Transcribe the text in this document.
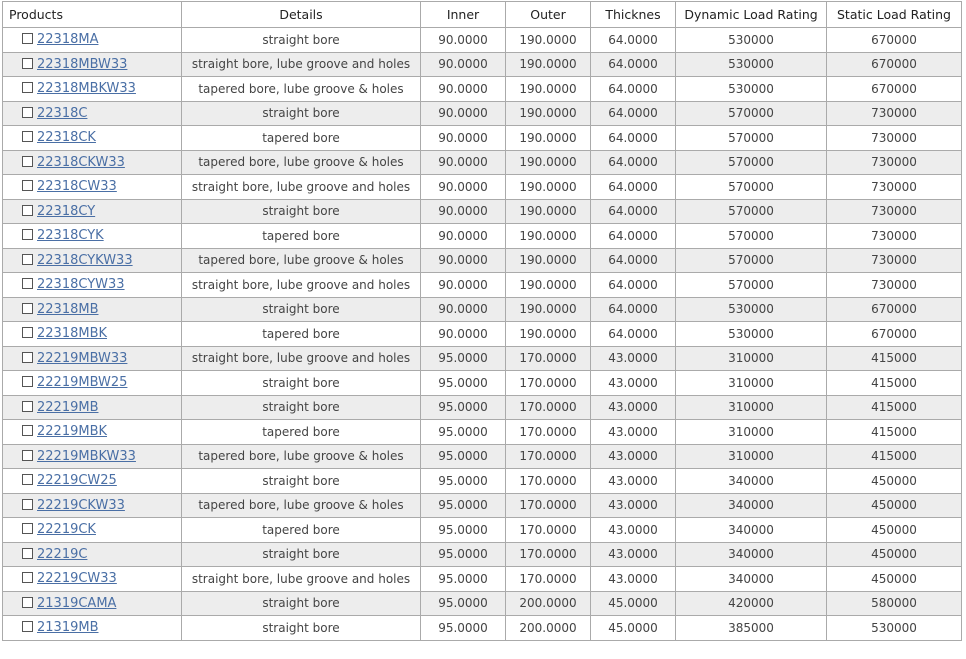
Products	Details	Inner	Outer	Thicknes	Dynamic Load Rating	Static Load Rating
22318MA	straight bore	90.0000	190.0000	64.0000	530000	670000
22318MBW33	straight bore, lube groove and holes	90.0000	190.0000	64.0000	530000	670000
22318MBKW33	tapered bore, lube groove & holes	90.0000	190.0000	64.0000	530000	670000
22318C	straight bore	90.0000	190.0000	64.0000	570000	730000
22318CK	tapered bore	90.0000	190.0000	64.0000	570000	730000
22318CKW33	tapered bore, lube groove & holes	90.0000	190.0000	64.0000	570000	730000
22318CW33	straight bore, lube groove and holes	90.0000	190.0000	64.0000	570000	730000
22318CY	straight bore	90.0000	190.0000	64.0000	570000	730000
22318CYK	tapered bore	90.0000	190.0000	64.0000	570000	730000
22318CYKW33	tapered bore, lube groove & holes	90.0000	190.0000	64.0000	570000	730000
22318CYW33	straight bore, lube groove and holes	90.0000	190.0000	64.0000	570000	730000
22318MB	straight bore	90.0000	190.0000	64.0000	530000	670000
22318MBK	tapered bore	90.0000	190.0000	64.0000	530000	670000
22219MBW33	straight bore, lube groove and holes	95.0000	170.0000	43.0000	310000	415000
22219MBW25	straight bore	95.0000	170.0000	43.0000	310000	415000
22219MB	straight bore	95.0000	170.0000	43.0000	310000	415000
22219MBK	tapered bore	95.0000	170.0000	43.0000	310000	415000
22219MBKW33	tapered bore, lube groove & holes	95.0000	170.0000	43.0000	310000	415000
22219CW25	straight bore	95.0000	170.0000	43.0000	340000	450000
22219CKW33	tapered bore, lube groove & holes	95.0000	170.0000	43.0000	340000	450000
22219CK	tapered bore	95.0000	170.0000	43.0000	340000	450000
22219C	straight bore	95.0000	170.0000	43.0000	340000	450000
22219CW33	straight bore, lube groove and holes	95.0000	170.0000	43.0000	340000	450000
21319CAMA	straight bore	95.0000	200.0000	45.0000	420000	580000
21319MB	straight bore	95.0000	200.0000	45.0000	385000	530000
